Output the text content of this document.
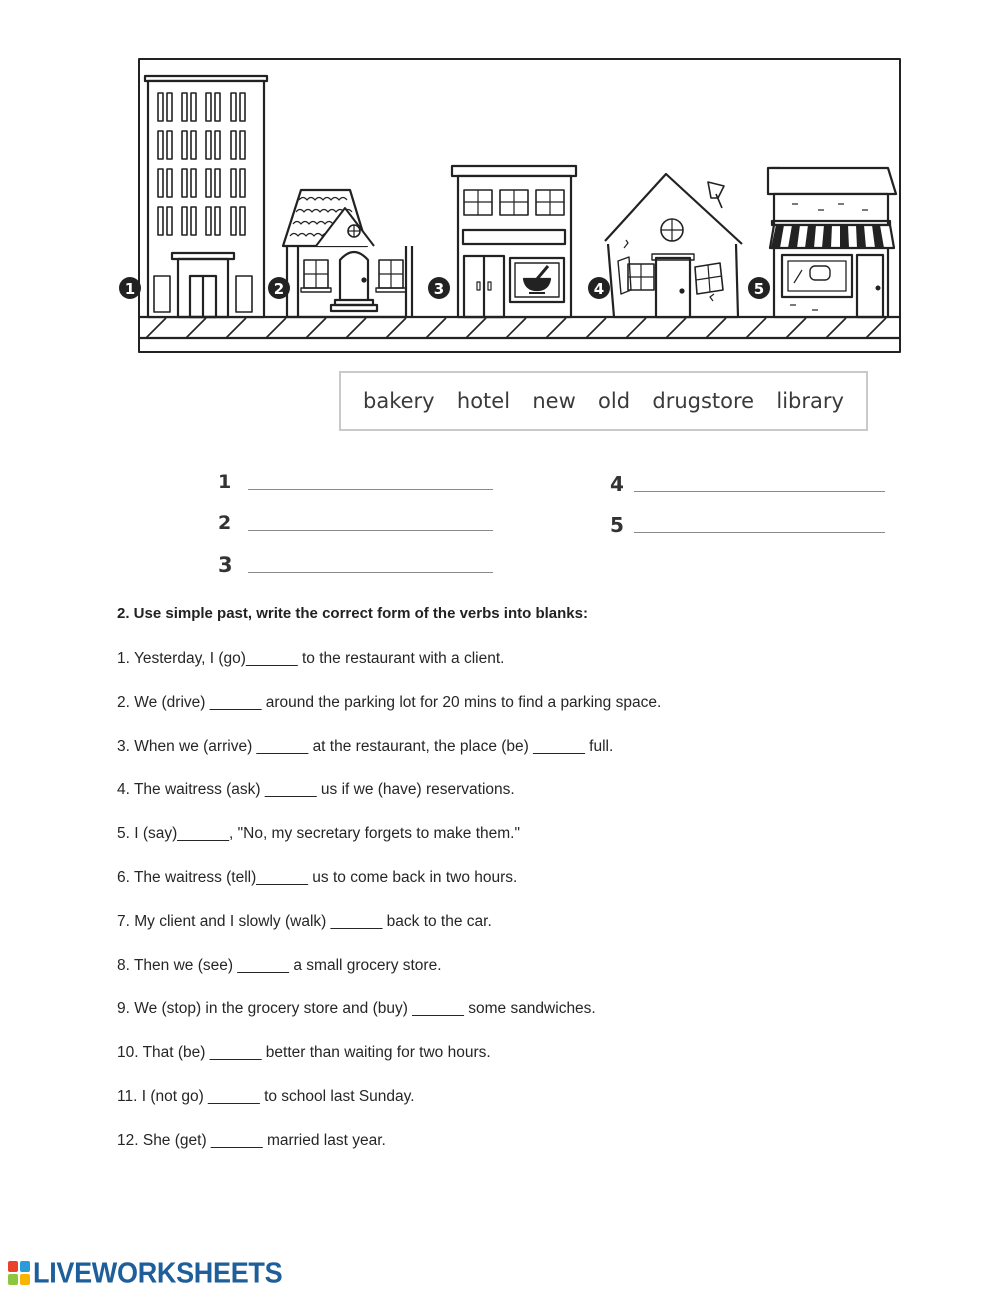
1	2	3	4	5
bakery hotel new old drugstore library
1
2
3
4
5
2. Use simple past, write the correct form of the verbs into blanks:
1. Yesterday, I (go)______ to the restaurant with a client.
2. We (drive) ______ around the parking lot for 20 mins to find a parking space.
3. When we (arrive) ______ at the restaurant, the place (be) ______ full.
4. The waitress (ask) ______ us if we (have) reservations.
5. I (say)______, "No, my secretary forgets to make them."
6. The waitress (tell)______ us to come back in two hours.
7. My client and I slowly (walk) ______ back to the car.
8. Then we (see) ______ a small grocery store.
9. We (stop) in the grocery store and (buy) ______ some sandwiches.
10. That (be) ______ better than waiting for two hours.
11. I (not go) ______ to school last Sunday.
12. She (get) ______ married last year.
LIVEWORKSHEETS
